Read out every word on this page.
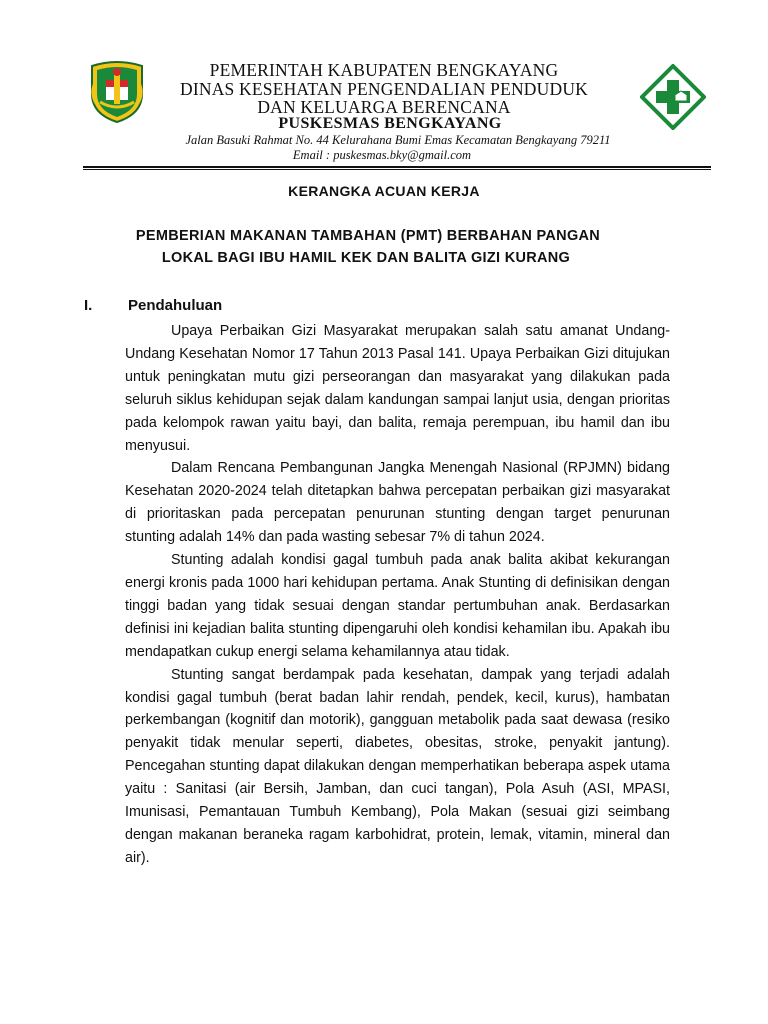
PEMERINTAH KABUPATEN BENGKAYANG
DINAS KESEHATAN PENGENDALIAN PENDUDUK
DAN KELUARGA BERENCANA
PUSKESMAS BENGKAYANG
Jalan Basuki Rahmat No. 44 Kelurahana Bumi Emas Kecamatan Bengkayang 79211
Email : puskesmas.bky@gmail.com
KERANGKA ACUAN KERJA
PEMBERIAN MAKANAN TAMBAHAN (PMT) BERBAHAN PANGAN
LOKAL BAGI IBU HAMIL KEK DAN BALITA GIZI KURANG
I. Pendahuluan

Upaya Perbaikan Gizi Masyarakat merupakan salah satu amanat Undang-Undang Kesehatan Nomor 17 Tahun 2013 Pasal 141. Upaya Perbaikan Gizi ditujukan untuk peningkatan mutu gizi perseorangan dan masyarakat yang dilakukan pada seluruh siklus kehidupan sejak dalam kandungan sampai lanjut usia, dengan prioritas pada kelompok rawan yaitu bayi, dan balita, remaja perempuan, ibu hamil dan ibu menyusui.

Dalam Rencana Pembangunan Jangka Menengah Nasional (RPJMN) bidang Kesehatan 2020-2024 telah ditetapkan bahwa percepatan perbaikan gizi masyarakat di prioritaskan pada percepatan penurunan stunting dengan target penurunan stunting adalah 14% dan pada wasting sebesar 7% di tahun 2024.

Stunting adalah kondisi gagal tumbuh pada anak balita akibat kekurangan energi kronis pada 1000 hari kehidupan pertama. Anak Stunting di definisikan dengan tinggi badan yang tidak sesuai dengan standar pertumbuhan anak. Berdasarkan definisi ini kejadian balita stunting dipengaruhi oleh kondisi kehamilan ibu. Apakah ibu mendapatkan cukup energi selama kehamilannya atau tidak.

Stunting sangat berdampak pada kesehatan, dampak yang terjadi adalah kondisi gagal tumbuh (berat badan lahir rendah, pendek, kecil, kurus), hambatan perkembangan (kognitif dan motorik), gangguan metabolik pada saat dewasa (resiko penyakit tidak menular seperti, diabetes, obesitas, stroke, penyakit jantung). Pencegahan stunting dapat dilakukan dengan memperhatikan beberapa aspek utama yaitu : Sanitasi (air Bersih, Jamban, dan cuci tangan), Pola Asuh (ASI, MPASI, Imunisasi, Pemantauan Tumbuh Kembang), Pola Makan (sesuai gizi seimbang dengan makanan beraneka ragam karbohidrat, protein, lemak, vitamin, mineral dan air).
